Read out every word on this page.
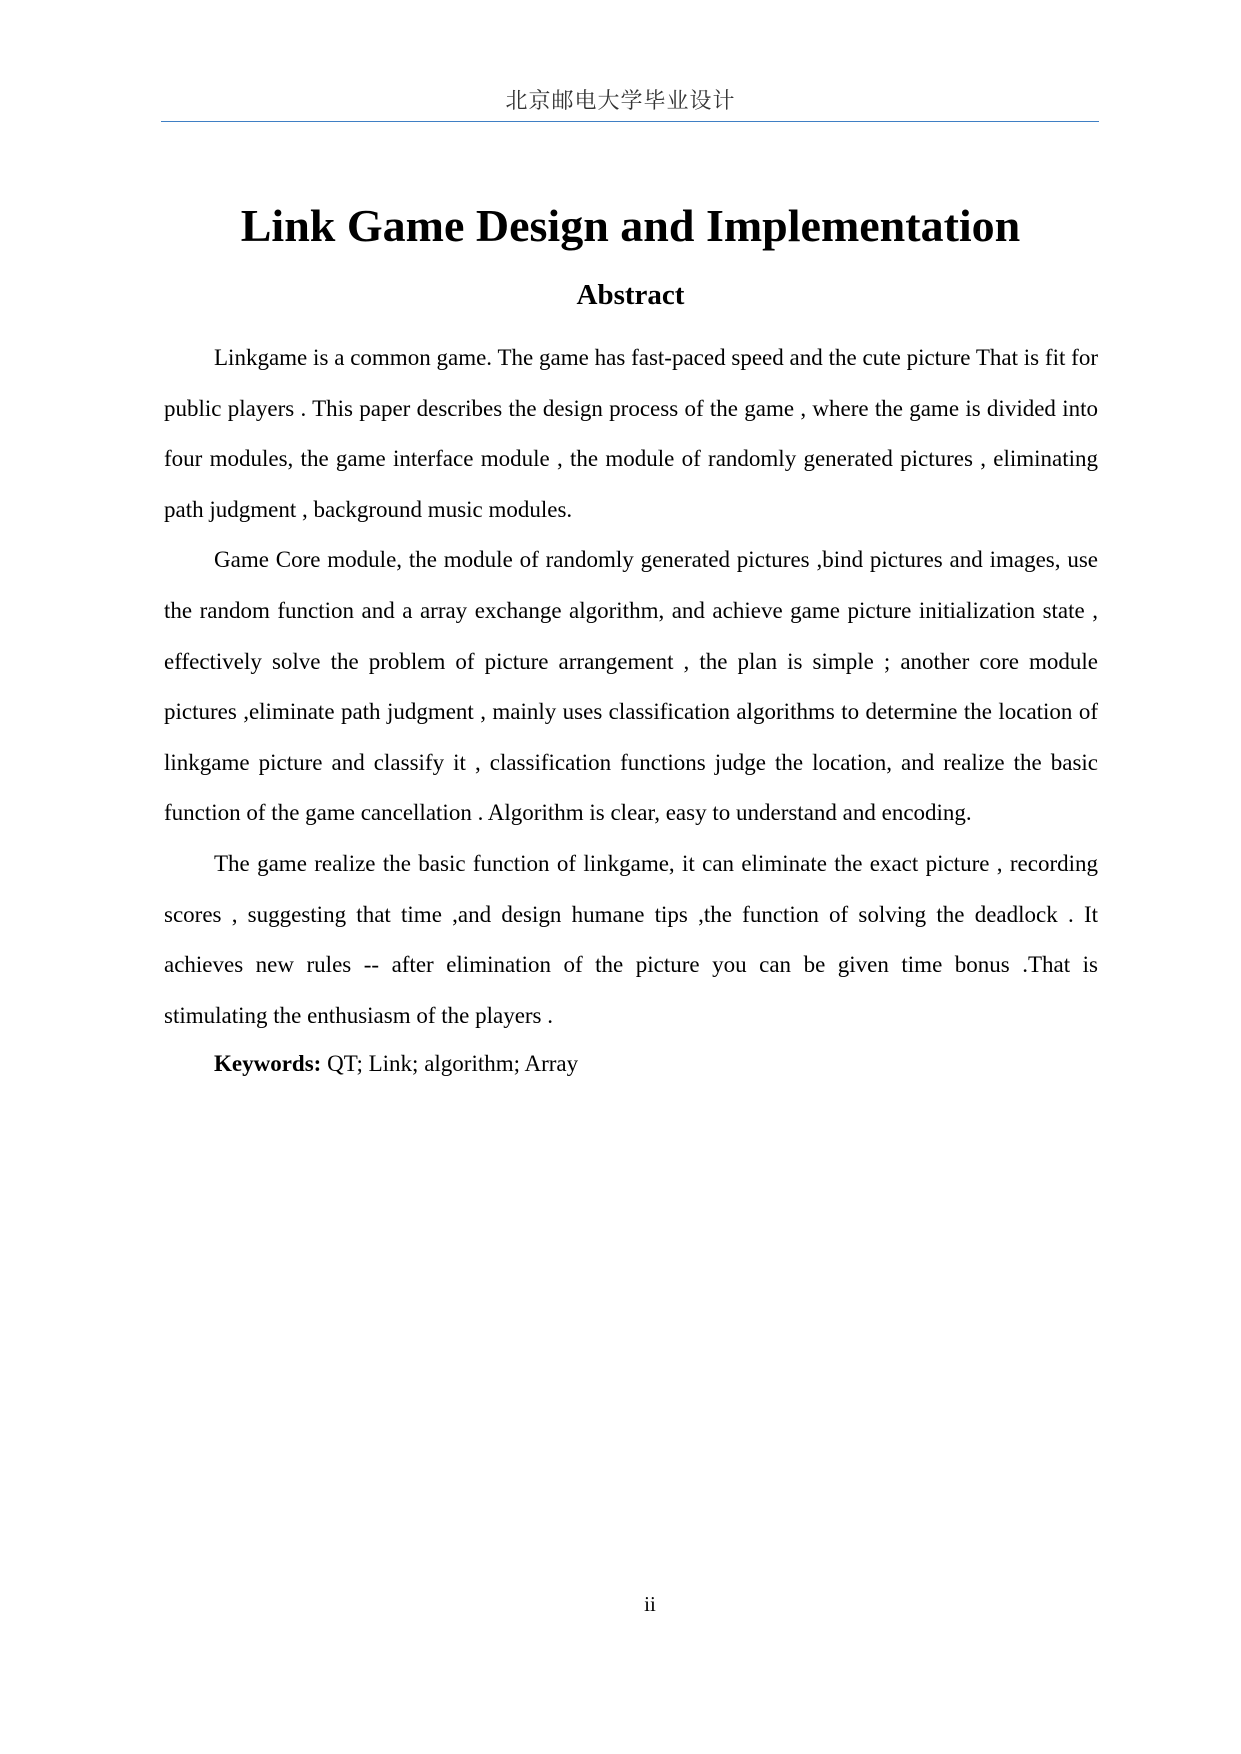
北京邮电大学毕业设计
Link Game Design and Implementation
Abstract

Linkgame is a common game. The game has fast-paced speed and the cute picture That is fit for public players . This paper describes the design process of the game , where the game is divided into four modules, the game interface module , the module of randomly generated pictures , eliminating path judgment , background music modules.

Game Core module, the module of randomly generated pictures ,bind pictures and images, use the random function and a array exchange algorithm, and achieve game picture initialization state , effectively solve the problem of picture arrangement , the plan is simple ; another core module pictures ,eliminate path judgment , mainly uses classification algorithms to determine the location of linkgame picture and classify it , classification functions judge the location, and realize the basic function of the game cancellation . Algorithm is clear, easy to understand and encoding.

The game realize the basic function of linkgame, it can eliminate the exact picture , recording scores , suggesting that time ,and design humane tips ,the function of solving the deadlock . It achieves new rules -- after elimination of the picture you can be given time bonus .That is stimulating the enthusiasm of the players .

Keywords: QT; Link; algorithm; Array

ii
